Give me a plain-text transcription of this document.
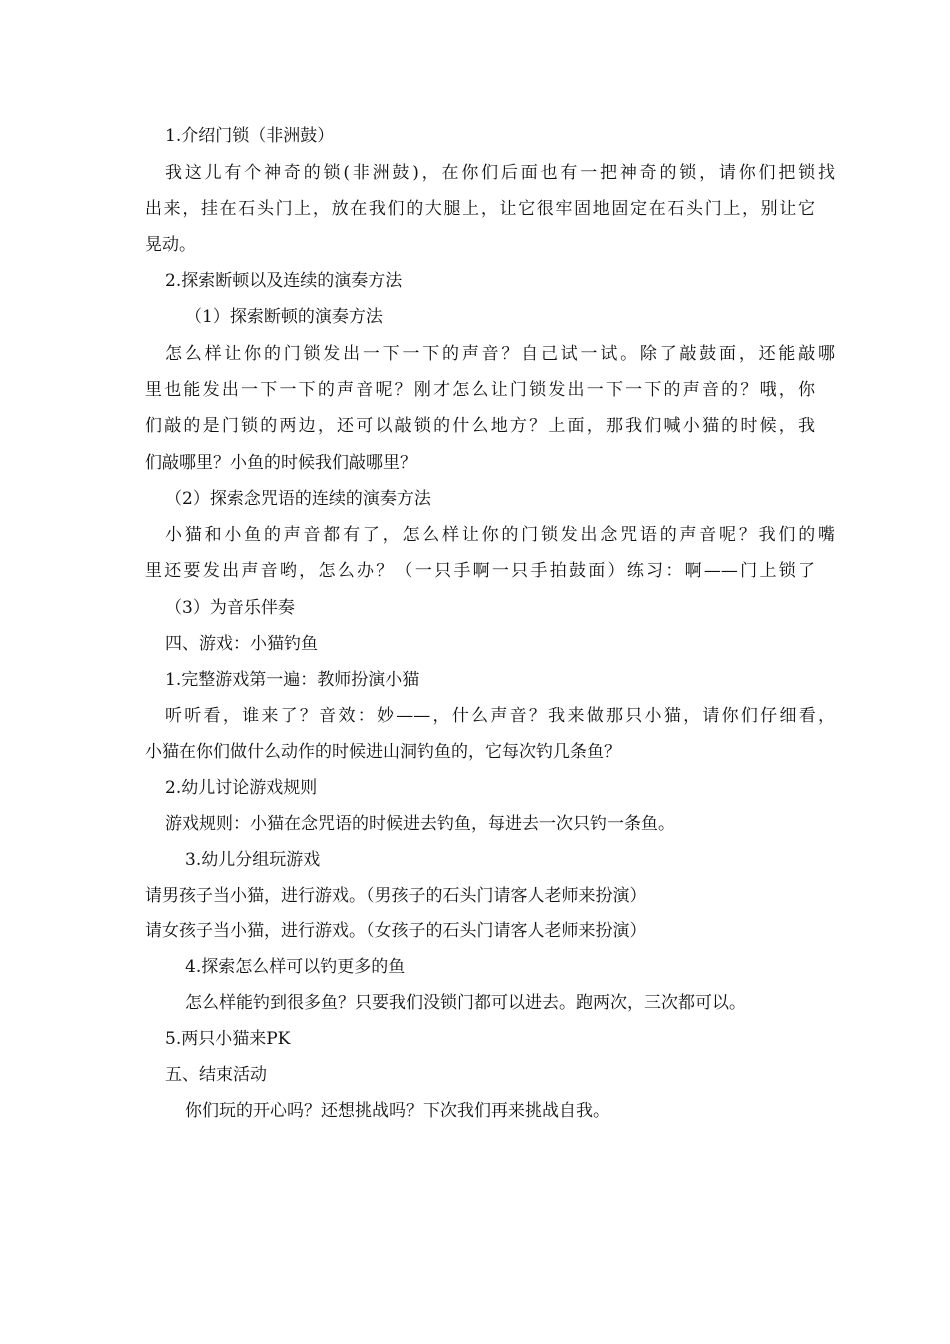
1.介绍门锁（非洲鼓）
我这儿有个神奇的锁(非洲鼓)，在你们后面也有一把神奇的锁，请你们把锁找
出来，挂在石头门上，放在我们的大腿上，让它很牢固地固定在石头门上，别让它
晃动。
2.探索断顿以及连续的演奏方法
（1）探索断顿的演奏方法
怎么样让你的门锁发出一下一下的声音？自己试一试。除了敲鼓面，还能敲哪
里也能发出一下一下的声音呢？刚才怎么让门锁发出一下一下的声音的？哦，你
们敲的是门锁的两边，还可以敲锁的什么地方？上面，那我们喊小猫的时候，我
们敲哪里？小鱼的时候我们敲哪里？
（2）探索念咒语的连续的演奏方法
小猫和小鱼的声音都有了，怎么样让你的门锁发出念咒语的声音呢？我们的嘴
里还要发出声音哟，怎么办？（一只手啊一只手拍鼓面）练习：啊——门上锁了
（3）为音乐伴奏
四、游戏：小猫钓鱼
1.完整游戏第一遍：教师扮演小猫
听听看，谁来了？音效：妙——，什么声音？我来做那只小猫，请你们仔细看，
小猫在你们做什么动作的时候进山洞钓鱼的，它每次钓几条鱼？
2.幼儿讨论游戏规则
游戏规则：小猫在念咒语的时候进去钓鱼，每进去一次只钓一条鱼。
3.幼儿分组玩游戏
请男孩子当小猫，进行游戏。（男孩子的石头门请客人老师来扮演）
请女孩子当小猫，进行游戏。（女孩子的石头门请客人老师来扮演）
4.探索怎么样可以钓更多的鱼
怎么样能钓到很多鱼？只要我们没锁门都可以进去。跑两次，三次都可以。
5.两只小猫来PK
五、结束活动
你们玩的开心吗？还想挑战吗？下次我们再来挑战自我。
